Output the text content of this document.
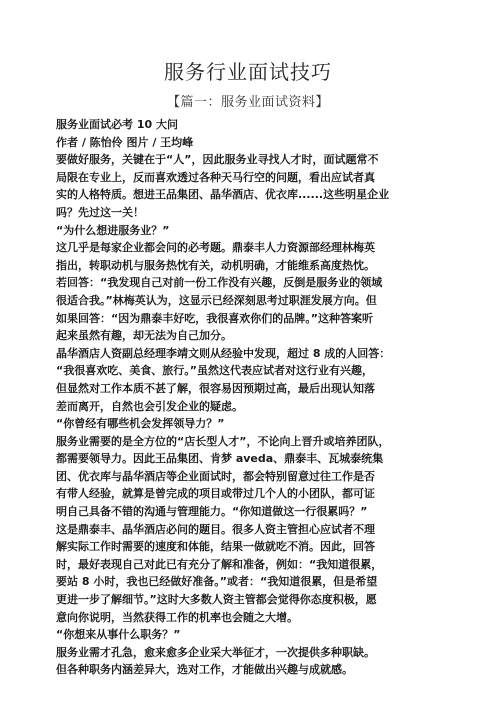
服务行业面试技巧
【篇一：服务业面试资料】
服务业面试必考 10 大问
作者 / 陈怡伶 图片 / 王均峰
要做好服务，关键在于“人”，因此服务业寻找人才时，面试题常不
局限在专业上，反而喜欢透过各种天马行空的问题，看出应试者真
实的人格特质。想进王品集团、晶华酒店、优衣库......这些明星企业
吗？先过这一关！
“为什么想进服务业？”
这几乎是每家企业都会问的必考题。鼎泰丰人力资源部经理林梅英
指出，转职动机与服务热忱有关，动机明确，才能维系高度热忱。
若回答：“我发现自己对前一份工作没有兴趣，反倒是服务业的领域
很适合我。”林梅英认为，这显示已经深刻思考过职涯发展方向。但
如果回答：“因为鼎泰丰好吃，我很喜欢你们的品牌。”这种答案听
起来虽然有趣，却无法为自己加分。
晶华酒店人资副总经理李靖文则从经验中发现，超过 8 成的人回答：
“我很喜欢吃、美食、旅行。”虽然这代表应试者对这行业有兴趣，
但显然对工作本质不甚了解，很容易因预期过高，最后出现认知落
差而离开，自然也会引发企业的疑虑。
“你曾经有哪些机会发挥领导力？”
服务业需要的是全方位的“店长型人才”，不论向上晋升或培养团队，
都需要领导力。因此王品集团、肯梦 aveda、鼎泰丰、瓦城泰统集
团、优衣库与晶华酒店等企业面试时，都会特别留意过往工作是否
有带人经验，就算是曾完成的项目或带过几个人的小团队，都可证
明自己具备不错的沟通与管理能力。“你知道做这一行很累吗？”
这是鼎泰丰、晶华酒店必问的题目。很多人资主管担心应试者不理
解实际工作时需要的速度和体能，结果一做就吃不消。因此，回答
时，最好表现自己对此已有充分了解和准备，例如：“我知道很累，
要站 8 小时，我也已经做好准备。”或者：“我知道很累，但是希望
更进一步了解细节。”这时大多数人资主管都会觉得你态度积极，愿
意向你说明，当然获得工作的机率也会随之大增。
“你想来从事什么职务？”
服务业需才孔急，愈来愈多企业采大举征才，一次提供多种职缺。
但各种职务内涵差异大，选对工作，才能做出兴趣与成就感。
